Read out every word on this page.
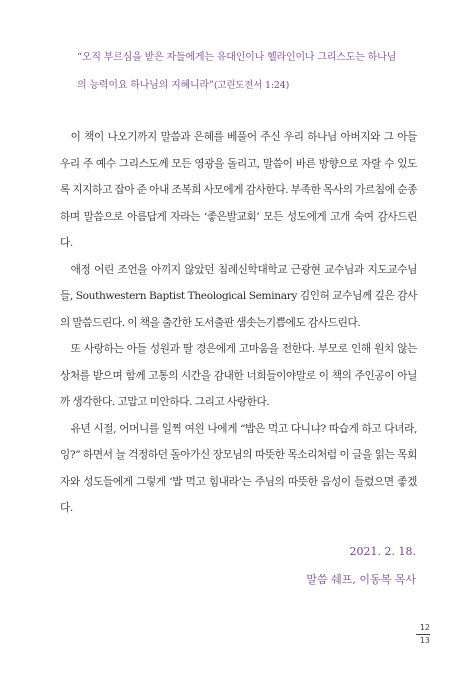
“오직 부르심을 받은 자들에게는 유대인이나 헬라인이나 그리스도는 하나님
의 능력이요 하나님의 지혜니라”(고린도전서 1:24)

이 책이 나오기까지 말씀과 은혜를 베풀어 주신 우리 하나님 아버지와 그 아들 우리 주 예수 그리스도께 모든 영광을 돌리고, 말씀이 바른 방향으로 자랄 수 있도록 지지하고 잡아 준 아내 조복희 사모에게 감사한다. 부족한 목사의 가르침에 순종하며 말씀으로 아름답게 자라는 ‘좋은발교회’ 모든 성도에게 고개 숙여 감사드린다.

애정 어린 조언을 아끼지 않았던 침례신학대학교 근광현 교수님과 지도교수님들, Southwestern Baptist Theological Seminary 김인허 교수님께 깊은 감사의 말씀드린다. 이 책을 출간한 도서출판 샘솟는기쁨에도 감사드린다.

또 사랑하는 아들 성원과 딸 경은에게 고마움을 전한다. 부모로 인해 원치 않는 상처를 받으며 함께 고통의 시간을 감내한 너희들이야말로 이 책의 주인공이 아닐까 생각한다. 고맙고 미안하다. 그리고 사랑한다.

유년 시절, 어머니를 일찍 여읜 나에게 “밥은 먹고 다니냐? 따습게 하고 다녀라, 잉?” 하면서 늘 걱정하던 돌아가신 장모님의 따뜻한 목소리처럼 이 글을 읽는 목회자와 성도들에게 그렇게 ‘밥 먹고 힘내라’는 주님의 따뜻한 음성이 들렸으면 좋겠다.

2021. 2. 18.

말씀 쉐프, 이동복 목사

12
13
